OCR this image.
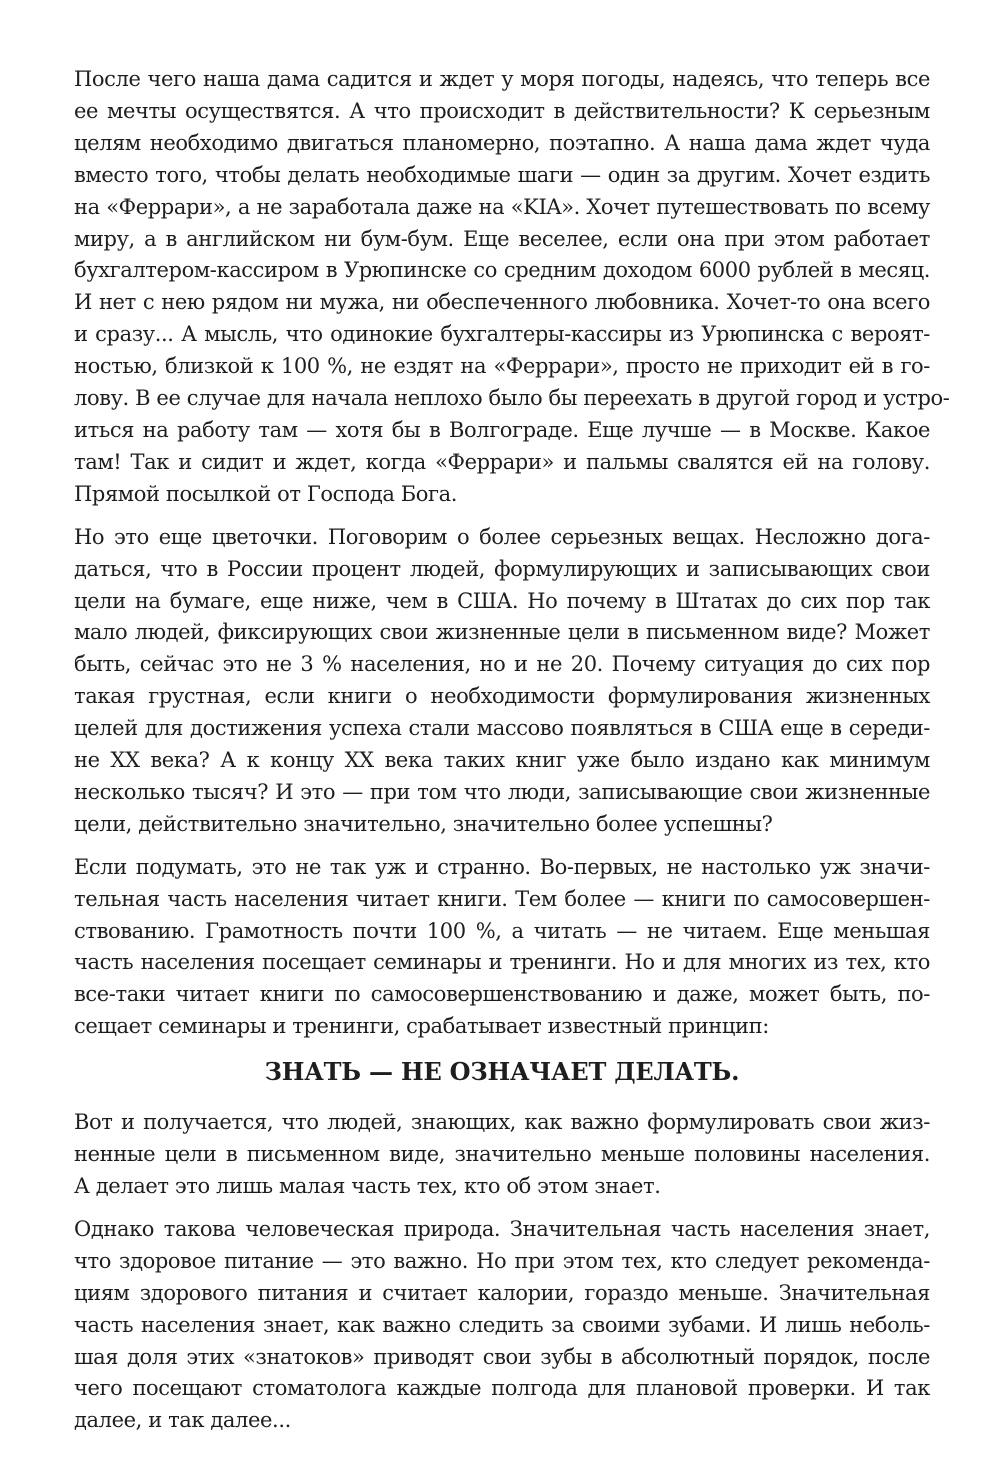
После чего наша дама садится и ждет у моря погоды, надеясь, что теперь все
ее мечты осуществятся. А что происходит в действительности? К серьезным
целям необходимо двигаться планомерно, поэтапно. А наша дама ждет чуда
вместо того, чтобы делать необходимые шаги — один за другим. Хочет ездить
на «Феррари», а не заработала даже на «KIA». Хочет путешествовать по всему
миру, а в английском ни бум-бум. Еще веселее, если она при этом работает
бухгалтером-кассиром в Урюпинске со средним доходом 6000 рублей в месяц.
И нет с нею рядом ни мужа, ни обеспеченного любовника. Хочет-то она всего
и сразу... А мысль, что одинокие бухгалтеры-кассиры из Урюпинска с вероят-
ностью, близкой к 100 %, не ездят на «Феррари», просто не приходит ей в го-
лову. В ее случае для начала неплохо было бы переехать в другой город и устро-
иться на работу там — хотя бы в Волгограде. Еще лучше — в Москве. Какое
там! Так и сидит и ждет, когда «Феррари» и пальмы свалятся ей на голову.
Прямой посылкой от Господа Бога.
Но это еще цветочки. Поговорим о более серьезных вещах. Несложно дога-
даться, что в России процент людей, формулирующих и записывающих свои
цели на бумаге, еще ниже, чем в США. Но почему в Штатах до сих пор так
мало людей, фиксирующих свои жизненные цели в письменном виде? Может
быть, сейчас это не 3 % населения, но и не 20. Почему ситуация до сих пор
такая грустная, если книги о необходимости формулирования жизненных
целей для достижения успеха стали массово появляться в США еще в середи-
не XX века? А к концу XX века таких книг уже было издано как минимум
несколько тысяч? И это — при том что люди, записывающие свои жизненные
цели, действительно значительно, значительно более успешны?
Если подумать, это не так уж и странно. Во-первых, не настолько уж значи-
тельная часть населения читает книги. Тем более — книги по самосовершен-
ствованию. Грамотность почти 100 %, а читать — не читаем. Еще меньшая
часть населения посещает семинары и тренинги. Но и для многих из тех, кто
все-таки читает книги по самосовершенствованию и даже, может быть, по-
сещает семинары и тренинги, срабатывает известный принцип:
ЗНАТЬ — НЕ ОЗНАЧАЕТ ДЕЛАТЬ.
Вот и получается, что людей, знающих, как важно формулировать свои жиз-
ненные цели в письменном виде, значительно меньше половины населения.
А делает это лишь малая часть тех, кто об этом знает.
Однако такова человеческая природа. Значительная часть населения знает,
что здоровое питание — это важно. Но при этом тех, кто следует рекоменда-
циям здорового питания и считает калории, гораздо меньше. Значительная
часть населения знает, как важно следить за своими зубами. И лишь неболь-
шая доля этих «знатоков» приводят свои зубы в абсолютный порядок, после
чего посещают стоматолога каждые полгода для плановой проверки. И так
далее, и так далее...
